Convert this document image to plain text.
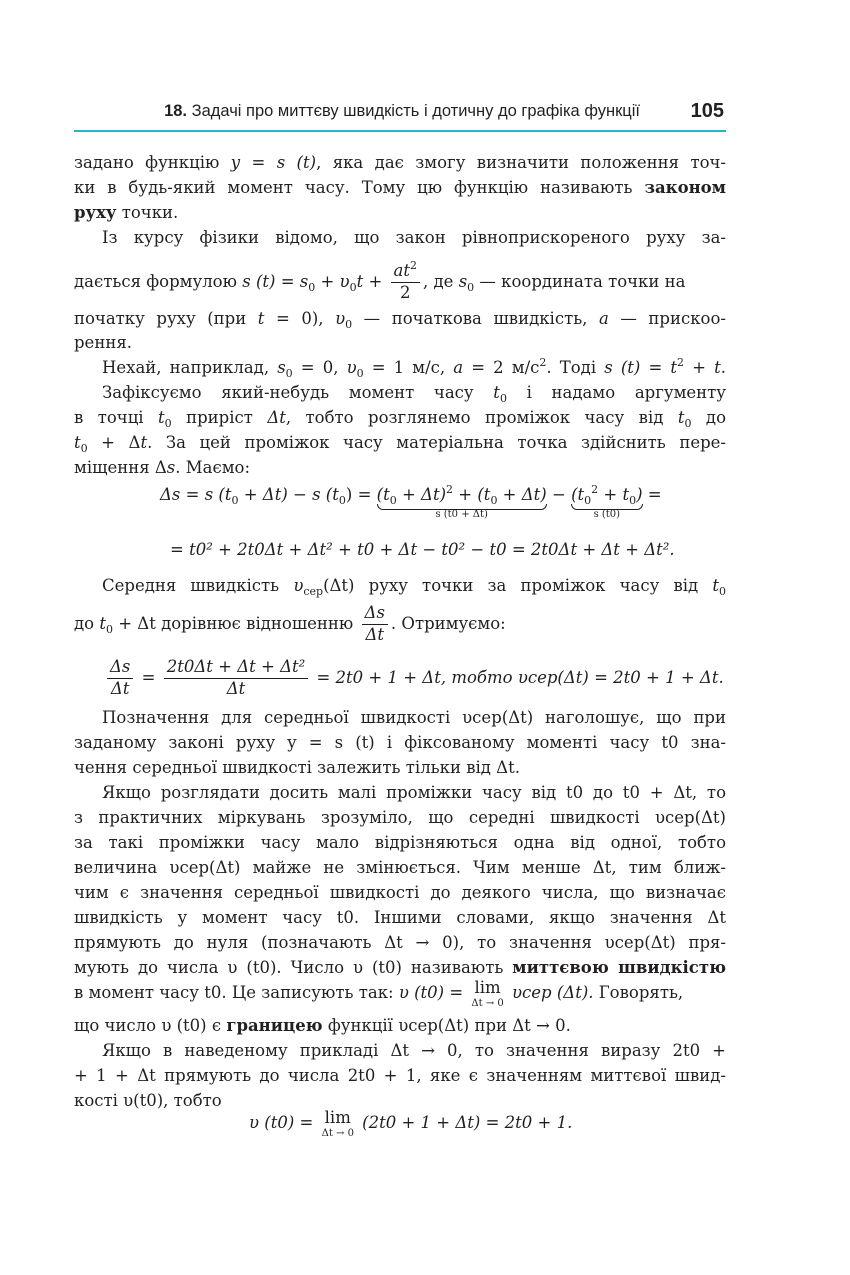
18. Задачі про миттєву швидкість і дотичну до графіка функції	105
задано функцію y = s (t), яка дає змогу визначити положення точ-
ки в будь-який момент часу. Тому цю функцію називають законом
руху точки.
Із курсу фізики відомо, що закон рівноприскореного руху за-
дається формулою s $(t) = s_0 + \upsilon_0t + \frac{at^2}{2}$ , де $s_0$ — координата точки на
початку руху (при t = 0), $\upsilon_0$ — початкова швидкість, a — прискоо-
рення.
Нехай, наприклад, $s_0 = 0$, $\upsilon_0 = 1$ м/с, a = 2 $м/с^2$. Тоді s $(t) = t^2 + t$.
Зафіксуємо який-небудь момент часу $t_0$ і надамо аргументу
в точці $t_0$ приріст Δt, тобто розглянемо проміжок часу від $t_0$ до
$t_0 + \Delta t$. За цей проміжок часу матеріальна точка здійснить пере-
міщення Δs. Маємо:
Δs = s $(t_0 + \Delta t) - s$ $(t_0) = (t_0 + \Delta t)^2 + (t_0 + \Delta t)$
s (t0 + Δt)
− $(t_0^2 + t_0)$
s (t0)
=
= t0² + 2t0Δt + Δt² + t0 + Δt − t0² − t0 = 2t0Δt + Δt + Δt².
Середня швидкість $\upsilon_{сер}(\Delta t)$ руху точки за проміжок часу від $t_0$
до $t_0 + \Delta t$ дорівнює відношенню $\frac{\Delta s}{\Delta t}$ . Отримуємо:
$\frac{\Delta s}{\Delta t} = \frac{\text{2t0Δt + Δt + Δt²}}{\Delta t} = 2t0 + 1 + \Delta t$, тобто υсер(Δt) = 2t0 + 1 + Δt.
Позначення для середньої швидкості υсер(Δt) наголошує, що при
заданому законі руху y = s (t) і фіксованому моменті часу t0 зна-
чення середньої швидкості залежить тільки від Δt.
Якщо розглядати досить малі проміжки часу від t0 до t0 + Δt, то
з практичних міркувань зрозуміло, що середні швидкості υсер(Δt)
за такі проміжки часу мало відрізняються одна від одної, тобто
величина υсер(Δt) майже не змінюється. Чим менше Δt, тим ближ-
чим є значення середньої швидкості до деякого числа, що визначає
швидкість у момент часу t0. Іншими словами, якщо значення Δt
прямують до нуля (позначають Δt → 0), то значення υсер(Δt) пря-
мують до числа υ (t0). Число υ (t0) називають миттєвою швидкістю
в момент часу t0. Це записують так: υ (t0) = lim
Δt → 0
υсер (Δt). Говорять,
що число υ (t0) є границею функції υсер(Δt) при Δt → 0.
Якщо в наведеному прикладі Δt → 0, то значення виразу 2t0 +
+ 1 + Δt прямують до числа 2t0 + 1, яке є значенням миттєвої швид-
кості υ(t0), тобто
υ (t0) = lim
Δt → 0
(2t0 + 1 + Δt) = 2t0 + 1.
